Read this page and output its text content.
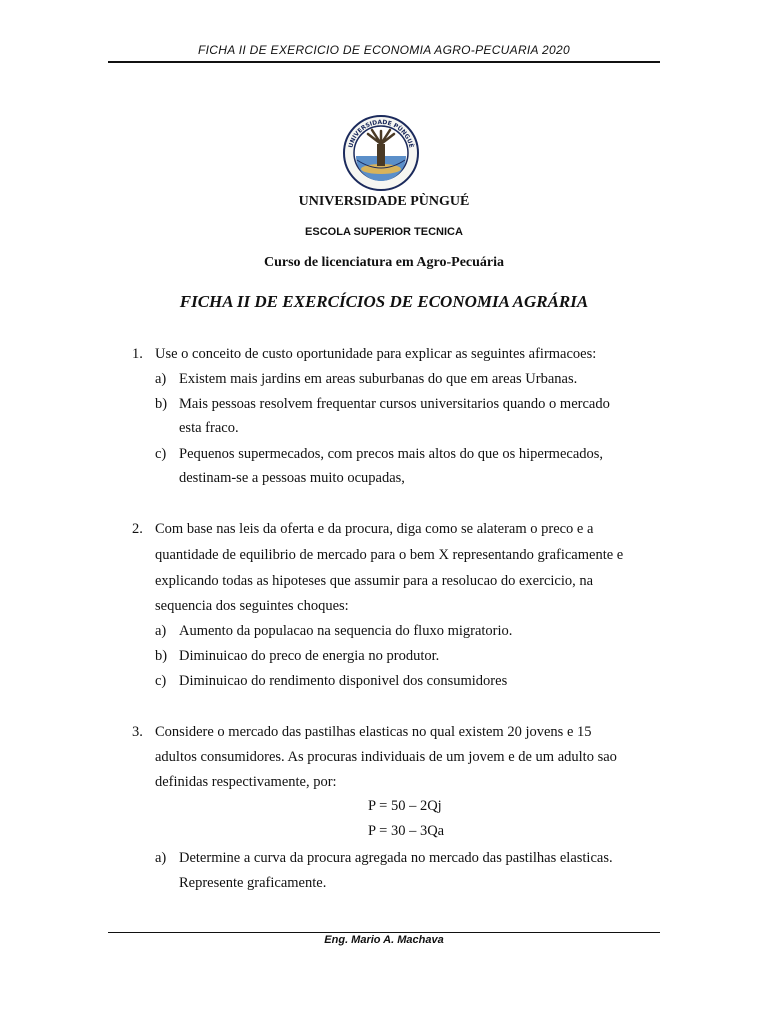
FICHA II DE EXERCICIO DE ECONOMIA AGRO-PECUARIA 2020
UNIVERSIDADE PÙNGUÈ
UNIVERSIDADE PÙNGUÉ
ESCOLA SUPERIOR TECNICA
Curso de licenciatura em Agro-Pecuária
FICHA II DE EXERCÍCIOS DE ECONOMIA AGRÁRIA
1. Use o conceito de custo oportunidade para explicar as seguintes afirmacoes:
a) Existem mais jardins em areas suburbanas do que em areas Urbanas.
b) Mais pessoas resolvem frequentar cursos universitarios quando o mercado
esta fraco.
c) Pequenos supermecados, com precos mais altos do que os hipermecados,
destinam-se a pessoas muito ocupadas,
2. Com base nas leis da oferta e da procura, diga como se alateram o preco e a
quantidade de equilibrio de mercado para o bem X representando graficamente e
explicando todas as hipoteses que assumir para a resolucao do exercicio, na
sequencia dos seguintes choques:
a) Aumento da populacao na sequencia do fluxo migratorio.
b) Diminuicao do preco de energia no produtor.
c) Diminuicao do rendimento disponivel dos consumidores
3. Considere o mercado das pastilhas elasticas no qual existem 20 jovens e 15
adultos consumidores. As procuras individuais de um jovem e de um adulto sao
definidas respectivamente, por:
P = 50 – 2Qj
P = 30 – 3Qa
a) Determine a curva da procura agregada no mercado das pastilhas elasticas.
Represente graficamente.
Eng. Mario A. Machava
